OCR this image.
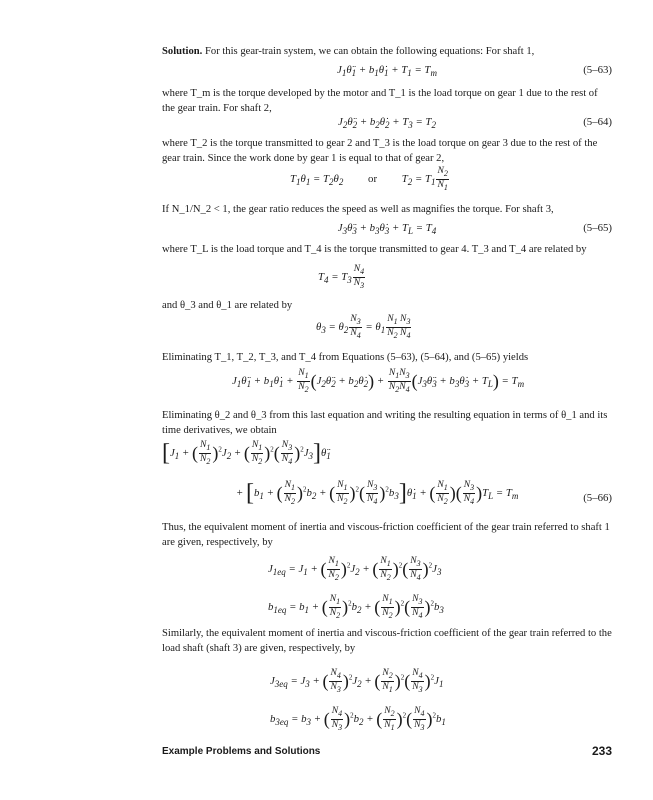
Solution. For this gear-train system, we can obtain the following equations: For shaft 1,
$J_1\thetä_1$ + $b_1\thetȧ_1 + T_1 = T_m$	(5–63)
where T_m is the torque developed by the motor and T_1 is the load torque on gear 1 due to the rest of the gear train. For shaft 2,
$J_2\thetä_2$ + $b_2\thetȧ_2 + T_3 = T_2$	(5–64)
where T_2 is the torque transmitted to gear 2 and T_3 is the load torque on gear 3 due to the rest of the gear train. Since the work done by gear 1 is equal to that of gear 2,
$T_1\theta_1 = T_2\theta_2$ or $T_2 = T_1 \frac{N_2}{N_1}$
If N_1/N_2 < 1, the gear ratio reduces the speed as well as magnifies the torque. For shaft 3,
$J_3\thetä_3$ + $b_3\thetȧ_3 + T_L = T_4$	(5–65)
where T_L is the load torque and T_4 is the torque transmitted to gear 4. T_3 and T_4 are related by
$T_4 = T_3 \frac{N_4}{N_3}$
and θ_3 and θ_1 are related by
$\theta_3 = \theta_2 \frac{N_3}{N_4} = \theta_1 \frac{N_1 N_3}{N_2 N_4}$
Eliminating T_1, T_2, T_3, and T_4 from Equations (5–63), (5–64), and (5–65) yields
$J_1\thetä_1$ + $b_1\thetȧ_1 + \frac{N_1}{N_2}$ ($J_2\thetä_2$ + $b_2\thetȧ_2) + \frac{N_1N_3}{N_2N_4}$ ($J_3\thetä_3$ + $b_3\thetȧ_3 + T_L) = T_m$
Eliminating θ_2 and θ_3 from this last equation and writing the resulting equation in terms of θ_1 and its time derivatives, we obtain
[$J_1$ + ( $\frac{N_1}{N_2} )^2J_2$ + ( $\frac{N_1}{N_2} )^2( \frac{N_3}{N_4}$ )$^2J_3]\thetä_1$
+ [$b_1$ + ( $\frac{N_1}{N_2} )^2b_2$ + ( $\frac{N_1}{N_2} )^2( \frac{N_3}{N_4}$ )$^2b_3]\thetȧ_1$ + ( $\frac{N_1}{N_2}$ )( $\frac{N_3}{N_4} )T_L = T_m$	(5–66)
Thus, the equivalent moment of inertia and viscous-friction coefficient of the gear train referred to shaft 1 are given, respectively, by
$J_{1eq} = J_1$ + ( $\frac{N_1}{N_2} )^2J_2$ + ( $\frac{N_1}{N_2} )^2( \frac{N_3}{N_4} )^2J_3$
$b_{1eq} = b_1$ + ( $\frac{N_1}{N_2} )^2b_2$ + ( $\frac{N_1}{N_2} )^2( \frac{N_3}{N_4} )^2b_3$
Similarly, the equivalent moment of inertia and viscous-friction coefficient of the gear train referred to the load shaft (shaft 3) are given, respectively, by
$J_{3eq} = J_3$ + ( $\frac{N_4}{N_3} )^2J_2$ + ( $\frac{N_2}{N_1} )^2( \frac{N_4}{N_3} )^2J_1$
$b_{3eq} = b_3$ + ( $\frac{N_4}{N_3} )^2b_2$ + ( $\frac{N_2}{N_1} )^2( \frac{N_4}{N_3} )^2b_1$
Example Problems and Solutions	233
